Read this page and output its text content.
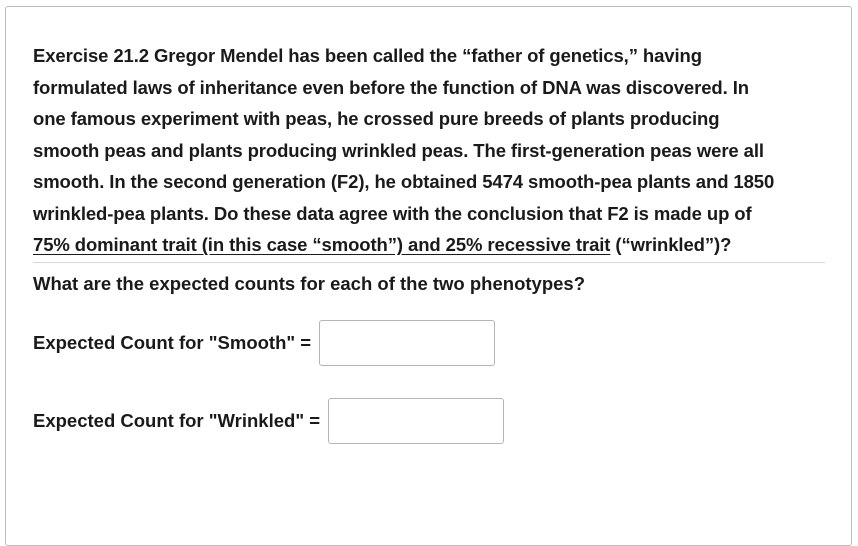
Exercise 21.2 Gregor Mendel has been called the “father of genetics,” having
formulated laws of inheritance even before the function of DNA was discovered. In
one famous experiment with peas, he crossed pure breeds of plants producing
smooth peas and plants producing wrinkled peas. The first-generation peas were all
smooth. In the second generation (F2), he obtained 5474 smooth-pea plants and 1850
wrinkled-pea plants. Do these data agree with the conclusion that F2 is made up of
75% dominant trait (in this case “smooth”) and 25% recessive trait (“wrinkled”)?

What are the expected counts for each of the two phenotypes?

Expected Count for "Smooth" =
Expected Count for "Wrinkled" =
